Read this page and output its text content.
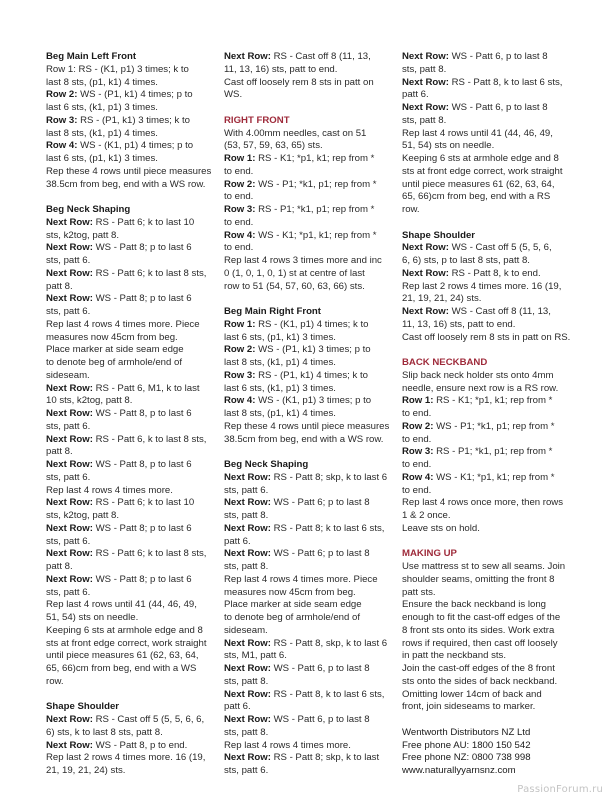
Beg Main Left Front
Row 1: RS - (K1, p1) 3 times; k to
last 8 sts, (p1, k1) 4 times.
Row 2: WS - (P1, k1) 4 times; p to
last 6 sts, (k1, p1) 3 times.
Row 3: RS - (P1, k1) 3 times; k to
last 8 sts, (k1, p1) 4 times.
Row 4: WS - (K1, p1) 4 times; p to
last 6 sts, (p1, k1) 3 times.
Rep these 4 rows until piece measures
38.5cm from beg, end with a WS row.
Beg Neck Shaping
Next Row: RS - Patt 6; k to last 10
sts, k2tog, patt 8.
Next Row: WS - Patt 8; p to last 6
sts, patt 6.
Next Row: RS - Patt 6; k to last 8 sts,
patt 8.
Next Row: WS - Patt 8; p to last 6
sts, patt 6.
Rep last 4 rows 4 times more. Piece
measures now 45cm from beg.
Place marker at side seam edge
to denote beg of armhole/end of
sideseam.
Next Row: RS - Patt 6, M1, k to last
10 sts, k2tog, patt 8.
Next Row: WS - Patt 8, p to last 6
sts, patt 6.
Next Row: RS - Patt 6, k to last 8 sts,
patt 8.
Next Row: WS - Patt 8, p to last 6
sts, patt 6.
Rep last 4 rows 4 times more.
Next Row: RS - Patt 6; k to last 10
sts, k2tog, patt 8.
Next Row: WS - Patt 8; p to last 6
sts, patt 6.
Next Row: RS - Patt 6; k to last 8 sts,
patt 8.
Next Row: WS - Patt 8; p to last 6
sts, patt 6.
Rep last 4 rows until 41 (44, 46, 49,
51, 54) sts on needle.
Keeping 6 sts at armhole edge and 8
sts at front edge correct, work straight
until piece measures 61 (62, 63, 64,
65, 66)cm from beg, end with a WS
row.
Shape Shoulder
Next Row: RS - Cast off 5 (5, 5, 6, 6,
6) sts, k to last 8 sts, patt 8.
Next Row: WS - Patt 8, p to end.
Rep last 2 rows 4 times more. 16 (19,
21, 19, 21, 24) sts.
Next Row: RS - Cast off 8 (11, 13,
11, 13, 16) sts, patt to end.
Cast off loosely rem 8 sts in patt on
WS.
RIGHT FRONT
With 4.00mm needles, cast on 51
(53, 57, 59, 63, 65) sts.
Row 1: RS - K1; *p1, k1; rep from *
to end.
Row 2: WS - P1; *k1, p1; rep from *
to end.
Row 3: RS - P1; *k1, p1; rep from *
to end.
Row 4: WS - K1; *p1, k1; rep from *
to end.
Rep last 4 rows 3 times more and inc
0 (1, 0, 1, 0, 1) st at centre of last
row to 51 (54, 57, 60, 63, 66) sts.
Beg Main Right Front
Row 1: RS - (K1, p1) 4 times; k to
last 6 sts, (p1, k1) 3 times.
Row 2: WS - (P1, k1) 3 times; p to
last 8 sts, (k1, p1) 4 times.
Row 3: RS - (P1, k1) 4 times; k to
last 6 sts, (k1, p1) 3 times.
Row 4: WS - (K1, p1) 3 times; p to
last 8 sts, (p1, k1) 4 times.
Rep these 4 rows until piece measures
38.5cm from beg, end with a WS row.
Beg Neck Shaping
Next Row: RS - Patt 8; skp, k to last 6
sts, patt 6.
Next Row: WS - Patt 6; p to last 8
sts, patt 8.
Next Row: RS - Patt 8; k to last 6 sts,
patt 6.
Next Row: WS - Patt 6; p to last 8
sts, patt 8.
Rep last 4 rows 4 times more. Piece
measures now 45cm from beg.
Place marker at side seam edge
to denote beg of armhole/end of
sideseam.
Next Row: RS - Patt 8, skp, k to last 6
sts, M1, patt 6.
Next Row: WS - Patt 6, p to last 8
sts, patt 8.
Next Row: RS - Patt 8, k to last 6 sts,
patt 6.
Next Row: WS - Patt 6, p to last 8
sts, patt 8.
Rep last 4 rows 4 times more.
Next Row: RS - Patt 8; skp, k to last
sts, patt 6.
Next Row: WS - Patt 6, p to last 8
sts, patt 8.
Next Row: RS - Patt 8, k to last 6 sts,
patt 6.
Next Row: WS - Patt 6, p to last 8
sts, patt 8.
Rep last 4 rows until 41 (44, 46, 49,
51, 54) sts on needle.
Keeping 6 sts at armhole edge and 8
sts at front edge correct, work straight
until piece measures 61 (62, 63, 64,
65, 66)cm from beg, end with a RS
row.
Shape Shoulder
Next Row: WS - Cast off 5 (5, 5, 6,
6, 6) sts, p to last 8 sts, patt 8.
Next Row: RS - Patt 8, k to end.
Rep last 2 rows 4 times more. 16 (19,
21, 19, 21, 24) sts.
Next Row: WS - Cast off 8 (11, 13,
11, 13, 16) sts, patt to end.
Cast off loosely rem 8 sts in patt on RS.
BACK NECKBAND
Slip back neck holder sts onto 4mm
needle, ensure next row is a RS row.
Row 1: RS - K1; *p1, k1; rep from *
to end.
Row 2: WS - P1; *k1, p1; rep from *
to end.
Row 3: RS - P1; *k1, p1; rep from *
to end.
Row 4: WS - K1; *p1, k1; rep from *
to end.
Rep last 4 rows once more, then rows
1 & 2 once.
Leave sts on hold.
MAKING UP
Use mattress st to sew all seams. Join
shoulder seams, omitting the front 8
patt sts.
Ensure the back neckband is long
enough to fit the cast-off edges of the
8 front sts onto its sides. Work extra
rows if required, then cast off loosely
in patt the neckband sts.
Join the cast-off edges of the 8 front
sts onto the sides of back neckband.
Omitting lower 14cm of back and
front, join sideseams to marker.
Wentworth Distributors NZ Ltd
Free phone AU: 1800 150 542
Free phone NZ: 0800 738 998
www.naturallyyarnsnz.com
PassionForum.ru
